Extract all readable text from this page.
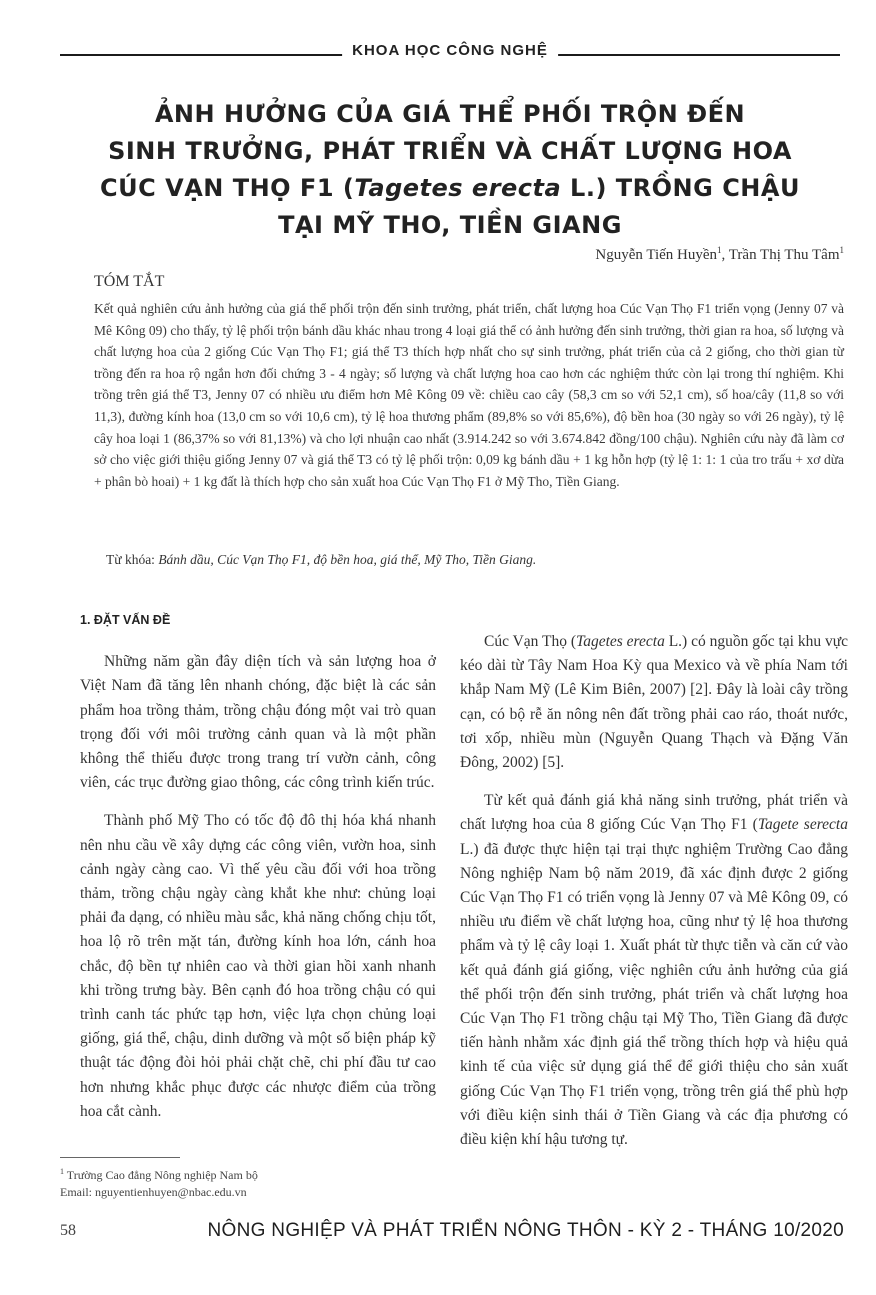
KHOA HỌC CÔNG NGHỆ
ẢNH HƯỞNG CỦA GIÁ THỂ PHỐI TRỘN ĐẾN
SINH TRƯỞNG, PHÁT TRIỂN VÀ CHẤT LƯỢNG HOA
CÚC VẠN THỌ F1 (Tagetes erecta L.) TRỒNG CHẬU
TẠI MỸ THO, TIỀN GIANG
Nguyễn Tiến Huyền$^1$, Trần Thị Thu Tâm$^1$
TÓM TẮT

Kết quả nghiên cứu ảnh hưởng của giá thể phối trộn đến sinh trưởng, phát triển, chất lượng hoa Cúc Vạn Thọ F1 triển vọng (Jenny 07 và Mê Kông 09) cho thấy, tỷ lệ phối trộn bánh dầu khác nhau trong 4 loại giá thể có ảnh hưởng đến sinh trưởng, thời gian ra hoa, số lượng và chất lượng hoa của 2 giống Cúc Vạn Thọ F1; giá thể T3 thích hợp nhất cho sự sinh trưởng, phát triển của cả 2 giống, cho thời gian từ trồng đến ra hoa rộ ngắn hơn đối chứng 3 - 4 ngày; số lượng và chất lượng hoa cao hơn các nghiệm thức còn lại trong thí nghiệm. Khi trồng trên giá thể T3, Jenny 07 có nhiều ưu điểm hơn Mê Kông 09 về: chiều cao cây (58,3 cm so với 52,1 cm), số hoa/cây (11,8 so với 11,3), đường kính hoa (13,0 cm so với 10,6 cm), tỷ lệ hoa thương phẩm (89,8% so với 85,6%), độ bền hoa (30 ngày so với 26 ngày), tỷ lệ cây hoa loại 1 (86,37% so với 81,13%) và cho lợi nhuận cao nhất (3.914.242 so với 3.674.842 đồng/100 chậu). Nghiên cứu này đã làm cơ sở cho việc giới thiệu giống Jenny 07 và giá thể T3 có tỷ lệ phối trộn: 0,09 kg bánh dầu + 1 kg hỗn hợp (tỷ lệ 1: 1: 1 của tro trấu + xơ dừa + phân bò hoai) + 1 kg đất là thích hợp cho sản xuất hoa Cúc Vạn Thọ F1 ở Mỹ Tho, Tiền Giang.

Từ khóa: Bánh dầu, Cúc Vạn Thọ F1, độ bền hoa, giá thể, Mỹ Tho, Tiền Giang.
1. ĐẶT VẤN ĐỀ

Những năm gần đây diện tích và sản lượng hoa ở Việt Nam đã tăng lên nhanh chóng, đặc biệt là các sản phẩm hoa trồng thảm, trồng chậu đóng một vai trò quan trọng đối với môi trường cảnh quan và là một phần không thể thiếu được trong trang trí vườn cảnh, công viên, các trục đường giao thông, các công trình kiến trúc.

Thành phố Mỹ Tho có tốc độ đô thị hóa khá nhanh nên nhu cầu về xây dựng các công viên, vườn hoa, sinh cảnh ngày càng cao. Vì thế yêu cầu đối với hoa trồng thảm, trồng chậu ngày càng khắt khe như: chủng loại phải đa dạng, có nhiều màu sắc, khả năng chống chịu tốt, hoa lộ rõ trên mặt tán, đường kính hoa lớn, cánh hoa chắc, độ bền tự nhiên cao và thời gian hồi xanh nhanh khi trồng trưng bày. Bên cạnh đó hoa trồng chậu có qui trình canh tác phức tạp hơn, việc lựa chọn chủng loại giống, giá thể, chậu, dinh dưỡng và một số biện pháp kỹ thuật tác động đòi hỏi phải chặt chẽ, chi phí đầu tư cao hơn nhưng khắc phục được các nhược điểm của trồng hoa cắt cành.

Cúc Vạn Thọ (Tagetes erecta L.) có nguồn gốc tại khu vực kéo dài từ Tây Nam Hoa Kỳ qua Mexico và về phía Nam tới khắp Nam Mỹ (Lê Kim Biên, 2007) [2]. Đây là loài cây trồng cạn, có bộ rễ ăn nông nên đất trồng phải cao ráo, thoát nước, tơi xốp, nhiều mùn (Nguyễn Quang Thạch và Đặng Văn Đông, 2002) [5].

Từ kết quả đánh giá khả năng sinh trưởng, phát triển và chất lượng hoa của 8 giống Cúc Vạn Thọ F1 (Tagete serecta L.) đã được thực hiện tại trại thực nghiệm Trường Cao đẳng Nông nghiệp Nam bộ năm 2019, đã xác định được 2 giống Cúc Vạn Thọ F1 có triển vọng là Jenny 07 và Mê Kông 09, có nhiều ưu điểm về chất lượng hoa, cũng như tỷ lệ hoa thương phẩm và tỷ lệ cây loại 1. Xuất phát từ thực tiễn và căn cứ vào kết quả đánh giá giống, việc nghiên cứu ảnh hưởng của giá thể phối trộn đến sinh trưởng, phát triển và chất lượng hoa Cúc Vạn Thọ F1 trồng chậu tại Mỹ Tho, Tiền Giang đã được tiến hành nhằm xác định giá thể trồng thích hợp và hiệu quả kinh tế của việc sử dụng giá thể để giới thiệu cho sản xuất giống Cúc Vạn Thọ F1 triển vọng, trồng trên giá thể phù hợp với điều kiện sinh thái ở Tiền Giang và các địa phương có điều kiện khí hậu tương tự.

$^1$ Trường Cao đẳng Nông nghiệp Nam bộ
Email: nguyentienhuyen@nbac.edu.vn
58	NÔNG NGHIỆP VÀ PHÁT TRIỂN NÔNG THÔN - KỲ 2 - THÁNG 10/2020
